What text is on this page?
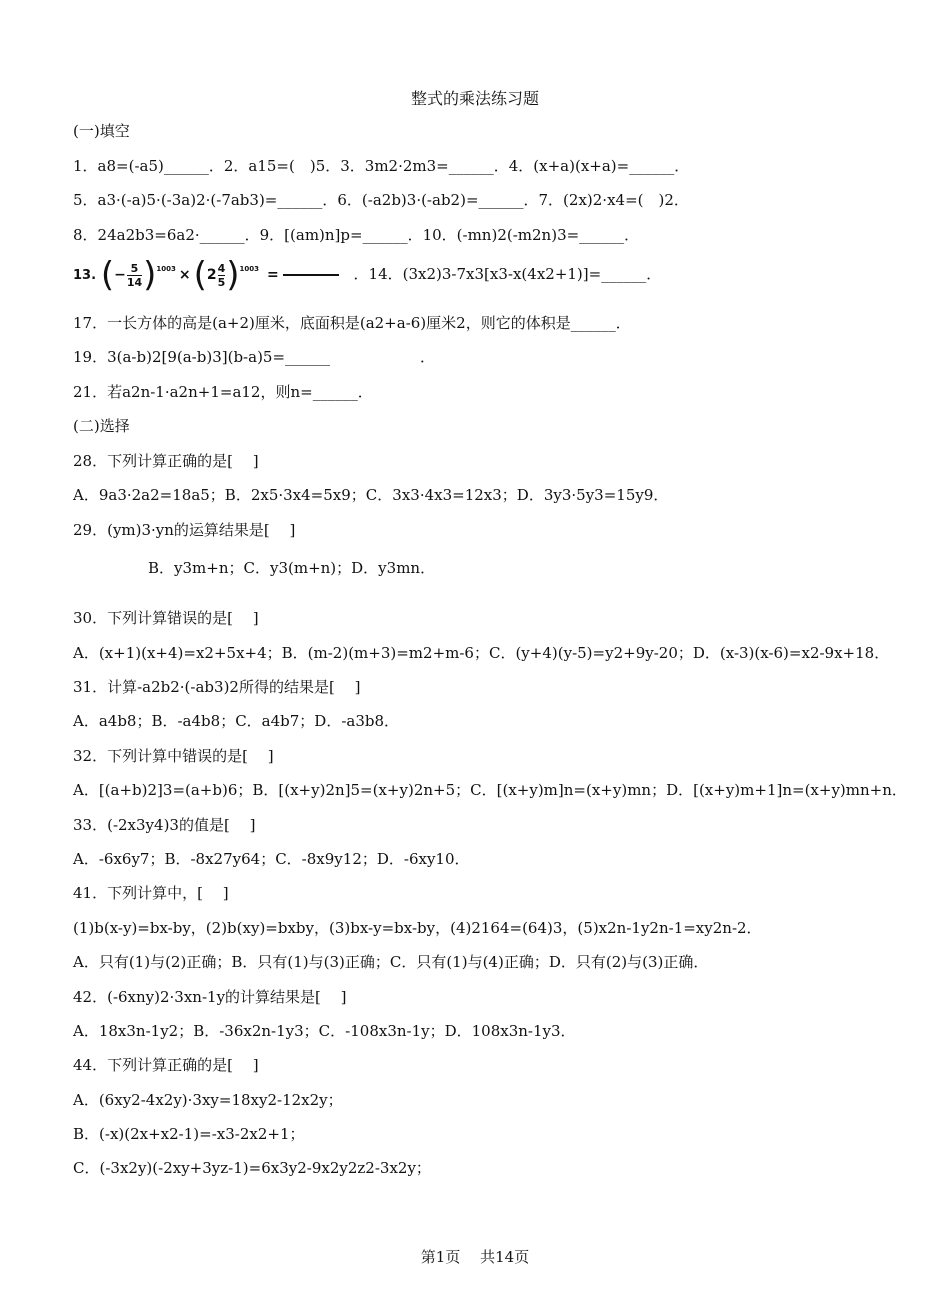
整式的乘法练习题
(一)填空
1．a8=(-a5)______．2．a15=(　)5．3．3m2·2m3=______．4．(x+a)(x+a)=______．
5．a3·(-a)5·(-3a)2·(-7ab3)=______．6．(-a2b)3·(-ab2)=______．7．(2x)2·x4=(　)2．
8．24a2b3=6a2·______．9．[(am)n]p=______．10．(-mn)2(-m2n)3=______．
13. ( − $\frac{5}{14}$ ) 1003 × ( $2 \frac{4}{5}$ ) 1003 =	．14．(3x2)3-7x3[x3-x(4x2+1)]=______．
17．一长方体的高是(a+2)厘米，底面积是(a2+a-6)厘米2，则它的体积是______．
19．3(a-b)2[9(a-b)3](b-a)5=______　　　　　　．
21．若a2n-1·a2n+1=a12，则n=______．
(二)选择
28．下列计算正确的是[　 ]
A．9a3·2a2=18a5；B．2x5·3x4=5x9；C．3x3·4x3=12x3；D．3y3·5y3=15y9．
29．(ym)3·yn的运算结果是[　 ]
　　　　　B．y3m+n；C．y3(m+n)；D．y3mn．
30．下列计算错误的是[　 ]
A．(x+1)(x+4)=x2+5x+4；B．(m-2)(m+3)=m2+m-6；C．(y+4)(y-5)=y2+9y-20；D．(x-3)(x-6)=x2-9x+18．
31．计算-a2b2·(-ab3)2所得的结果是[　 ]
A．a4b8；B．-a4b8；C．a4b7；D．-a3b8．
32．下列计算中错误的是[　 ]
A．[(a+b)2]3=(a+b)6；B．[(x+y)2n]5=(x+y)2n+5；C．[(x+y)m]n=(x+y)mn；D．[(x+y)m+1]n=(x+y)mn+n．
33．(-2x3y4)3的值是[　 ]
A．-6x6y7；B．-8x27y64；C．-8x9y12；D．-6xy10．
41．下列计算中，[　 ]
(1)b(x-y)=bx-by，(2)b(xy)=bxby，(3)bx-y=bx-by，(4)2164=(64)3，(5)x2n-1y2n-1=xy2n-2．
A．只有(1)与(2)正确；B．只有(1)与(3)正确；C．只有(1)与(4)正确；D．只有(2)与(3)正确．
42．(-6xny)2·3xn-1y的计算结果是[　 ]
A．18x3n-1y2；B．-36x2n-1y3；C．-108x3n-1y；D．108x3n-1y3．
44．下列计算正确的是[　 ]
A．(6xy2-4x2y)·3xy=18xy2-12x2y；
B．(-x)(2x+x2-1)=-x3-2x2+1；
C．(-3x2y)(-2xy+3yz-1)=6x3y2-9x2y2z2-3x2y；
第1页　 共14页
